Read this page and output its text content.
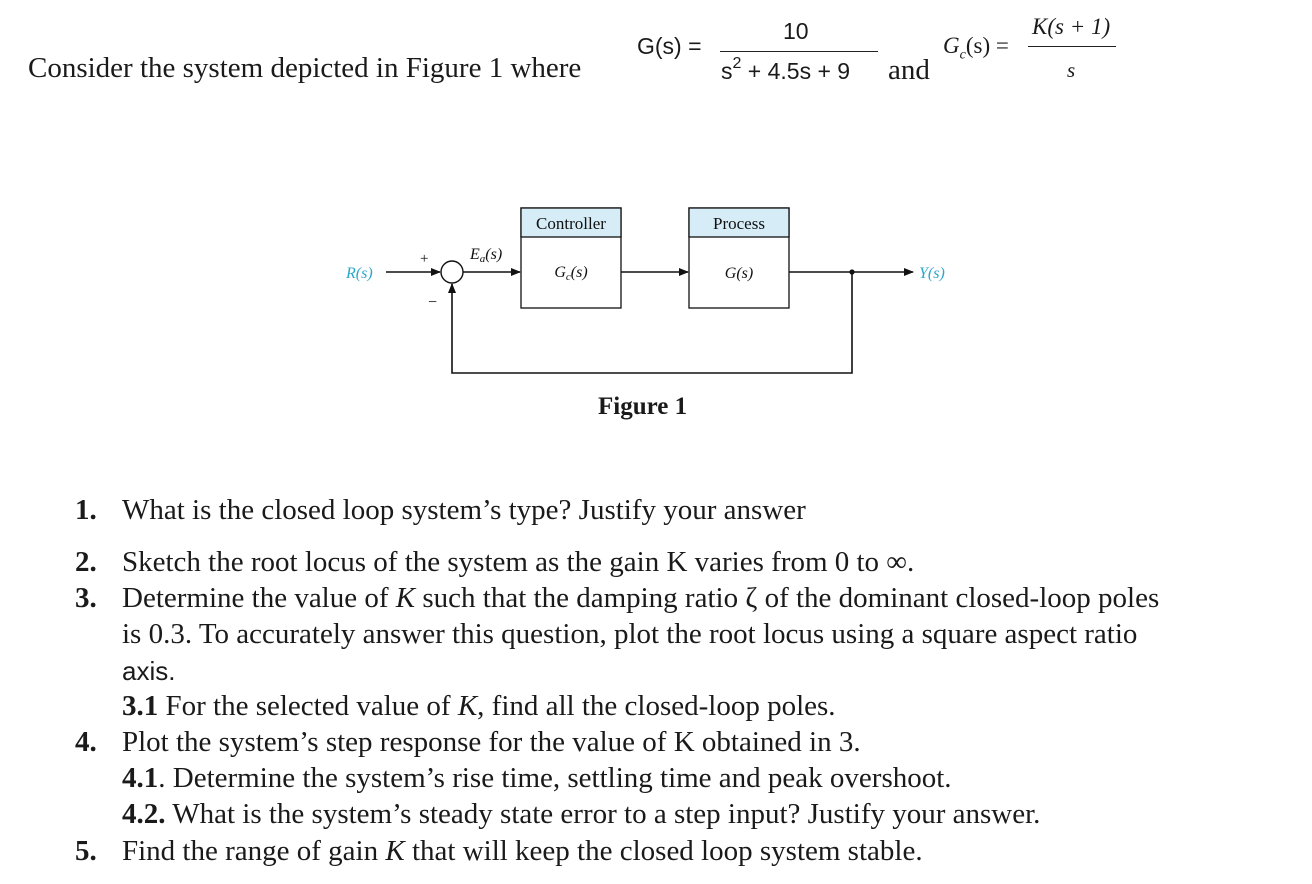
Consider the system depicted in Figure 1 where
G(s) =
10
$s^2 + 4.5s + 9$ and
$G_c(s)$ =
K(s + 1)
s
R(s)
+
−
Ea(s)
Controller
Gc(s)
Process
G(s)	Y(s)
Figure 1
1. What is the closed loop system’s type? Justify your answer
2. Sketch the root locus of the system as the gain K varies from 0 to ∞.
3. Determine the value of K such that the damping ratio ζ of the dominant closed-loop poles
is 0.3. To accurately answer this question, plot the root locus using a square aspect ratio
axis.
3.1 For the selected value of K, find all the closed-loop poles.
4. Plot the system’s step response for the value of K obtained in 3.
4.1. Determine the system’s rise time, settling time and peak overshoot.
4.2. What is the system’s steady state error to a step input? Justify your answer.
5. Find the range of gain K that will keep the closed loop system stable.
